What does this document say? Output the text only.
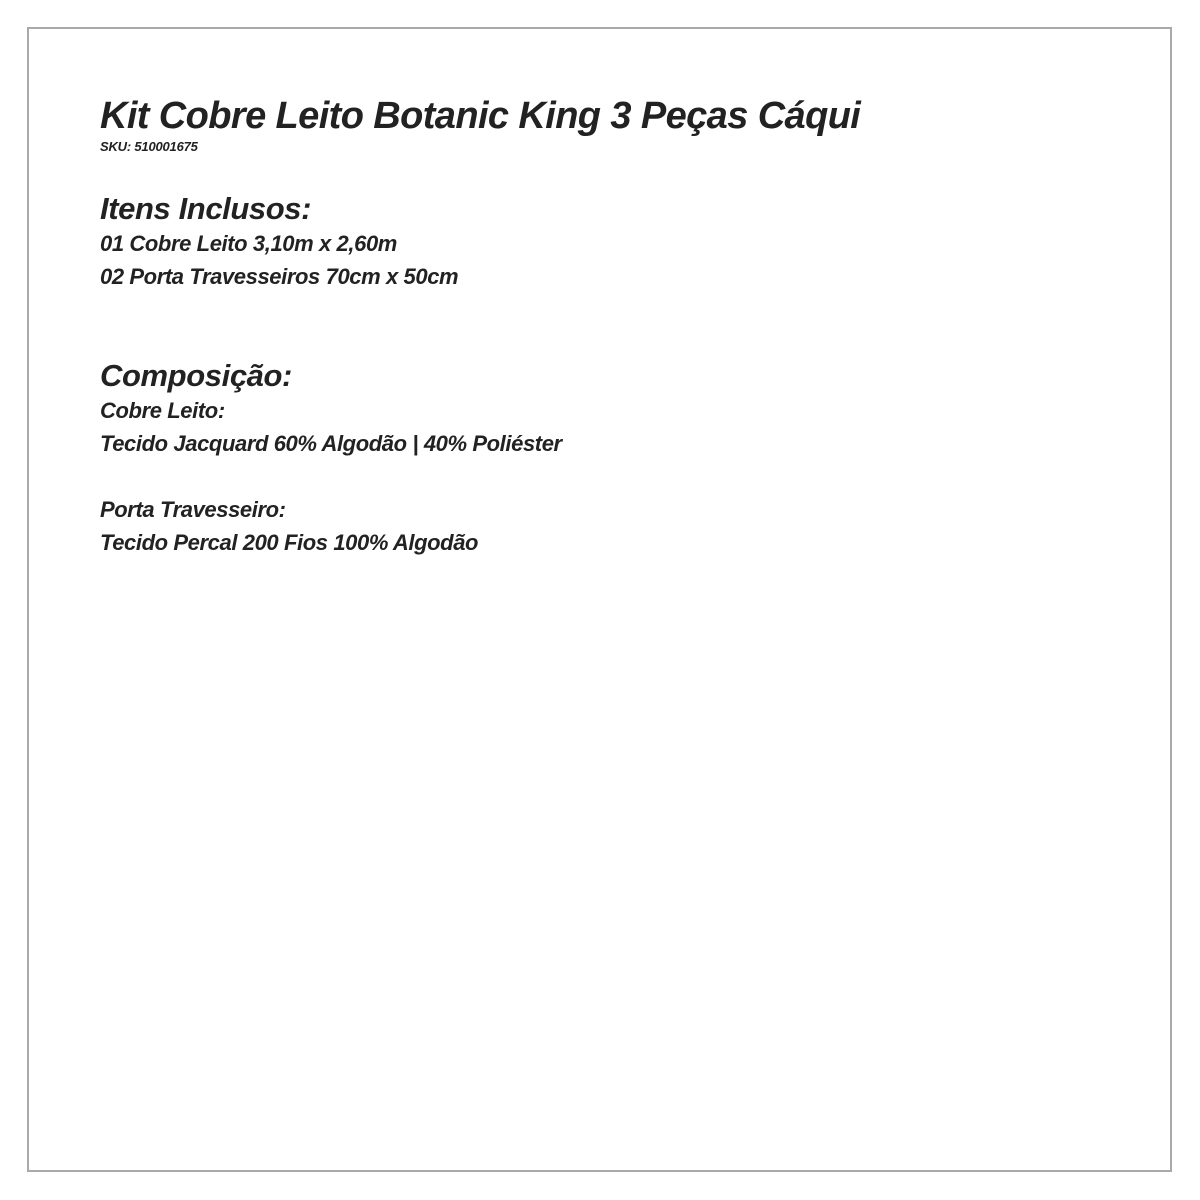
Kit Cobre Leito Botanic King 3 Peças Cáqui

SKU: 510001675

Itens Inclusos:

01 Cobre Leito 3,10m x 2,60m

02 Porta Travesseiros 70cm x 50cm

Composição:

Cobre Leito:

Tecido Jacquard 60% Algodão | 40% Poliéster

Porta Travesseiro:

Tecido Percal 200 Fios 100% Algodão
